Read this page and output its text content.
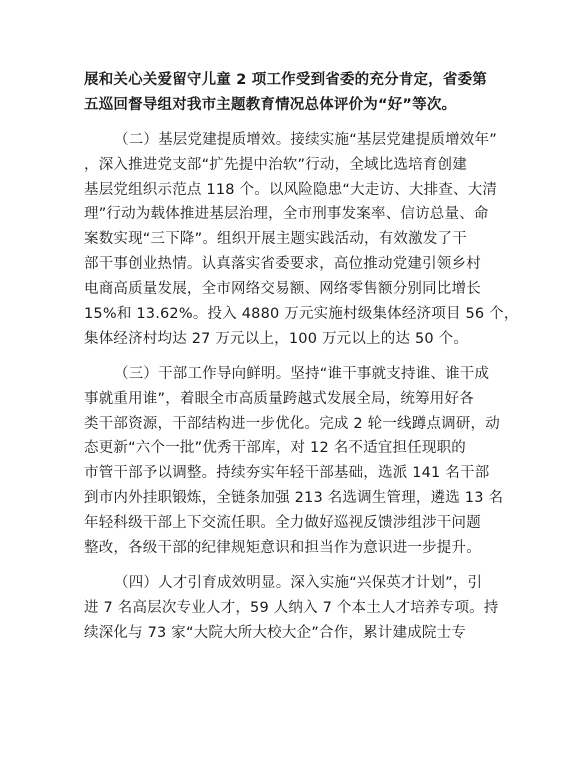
展和关心关爱留守儿童 2 项工作受到省委的充分肯定，省委第
五巡回督导组对我市主题教育情况总体评价为“好”等次。
（二）基层党建提质增效。接续实施“基层党建提质增效年”
，深入推进党支部“扩先提中治软”行动，全域比选培育创建
基层党组织示范点 118 个。以风险隐患“大走访、大排查、大清
理”行动为载体推进基层治理，全市刑事发案率、信访总量、命
案数实现“三下降”。组织开展主题实践活动，有效激发了干
部干事创业热情。认真落实省委要求，高位推动党建引领乡村
电商高质量发展，全市网络交易额、网络零售额分别同比增长
15%和 13.62%。投入 4880 万元实施村级集体经济项目 56 个，
集体经济村均达 27 万元以上，100 万元以上的达 50 个。
（三）干部工作导向鲜明。坚持“谁干事就支持谁、谁干成
事就重用谁”，着眼全市高质量跨越式发展全局，统筹用好各
类干部资源，干部结构进一步优化。完成 2 轮一线蹲点调研，动
态更新“六个一批”优秀干部库，对 12 名不适宜担任现职的
市管干部予以调整。持续夯实年轻干部基础，选派 141 名干部
到市内外挂职锻炼，全链条加强 213 名选调生管理，遴选 13 名
年轻科级干部上下交流任职。全力做好巡视反馈涉组涉干问题
整改，各级干部的纪律规矩意识和担当作为意识进一步提升。
（四）人才引育成效明显。深入实施“兴保英才计划”，引
进 7 名高层次专业人才，59 人纳入 7 个本土人才培养专项。持
续深化与 73 家“大院大所大校大企”合作，累计建成院士专
